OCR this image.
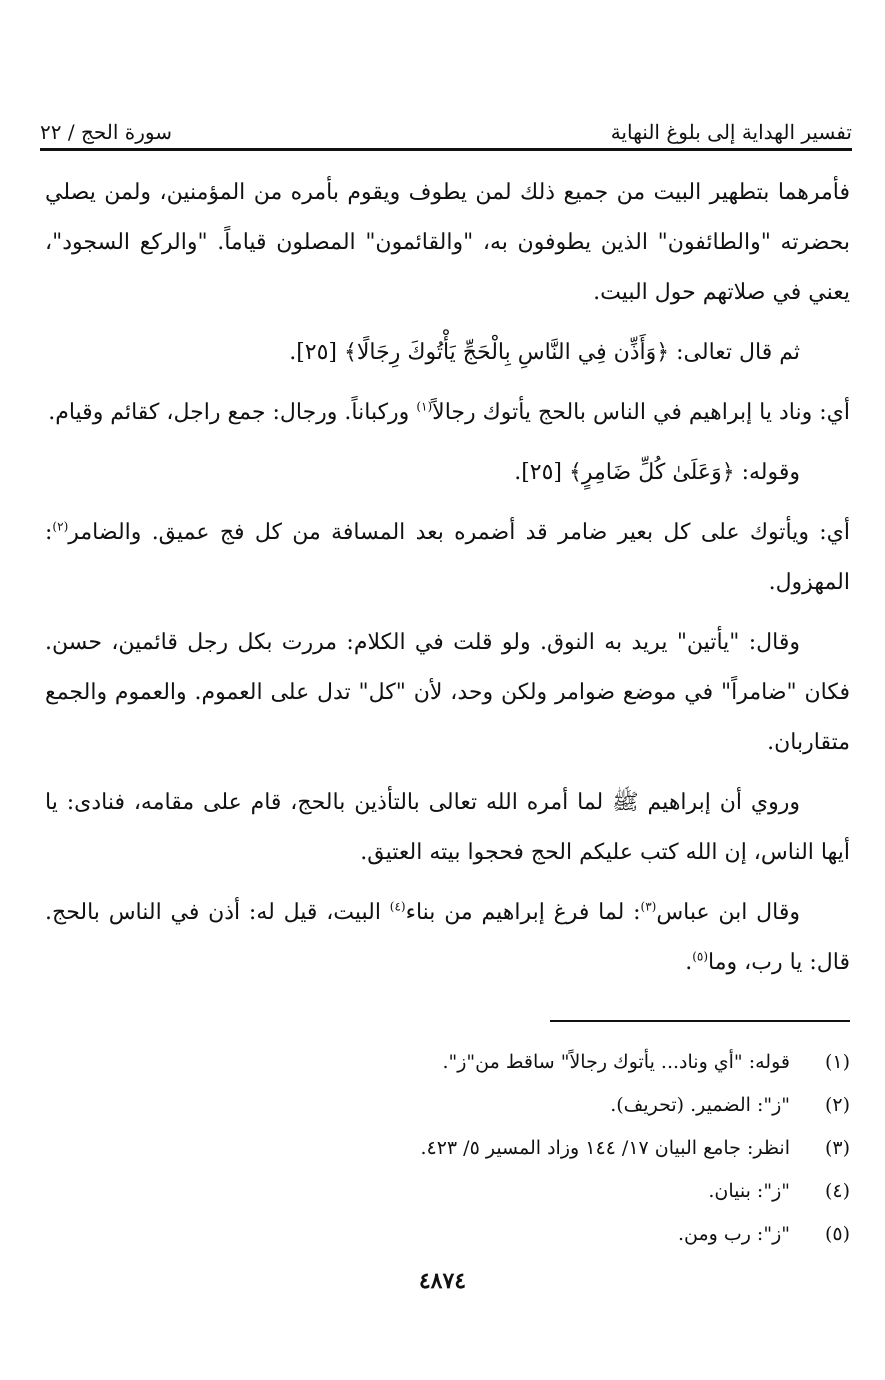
تفسير الهداية إلى بلوغ النهاية
سورة الحج / ٢٢

فأمرهما بتطهير البيت من جميع ذلك لمن يطوف ويقوم بأمره من المؤمنين، ولمن يصلي بحضرته "والطائفون" الذين يطوفون به، "والقائمون" المصلون قياماً. "والركع السجود"، يعني في صلاتهم حول البيت.

ثم قال تعالى: ﴿وَأَذِّن فِي النَّاسِ بِالْحَجِّ يَأْتُوكَ رِجَالًا﴾ [٢٥].

أي: وناد يا إبراهيم في الناس بالحج يأتوك رجالاً$^{(١)}$ وركباناً. ورجال: جمع راجل، كقائم وقيام.

وقوله: ﴿وَعَلَىٰ كُلِّ ضَامِرٍ﴾ [٢٥].

أي: ويأتوك على كل بعير ضامر قد أضمره بعد المسافة من كل فج عميق. والضامر$^{(٢)}$: المهزول.

وقال: "يأتين" يريد به النوق. ولو قلت في الكلام: مررت بكل رجل قائمين، حسن. فكان "ضامراً" في موضع ضوامر ولكن وحد، لأن "كل" تدل على العموم. والعموم والجمع متقاربان.

وروي أن إبراهيم ﷺ لما أمره الله تعالى بالتأذين بالحج، قام على مقامه، فنادى: يا أيها الناس، إن الله كتب عليكم الحج فحجوا بيته العتيق.

وقال ابن عباس$^{(٣)}$: لما فرغ إبراهيم من بناء$^{(٤)}$ البيت، قيل له: أذن في الناس بالحج. قال: يا رب، وما$^{(٥)}$.

(١)
قوله: "أي وناد... يأتوك رجالاً" ساقط من"ز".
(٢)
"ز": الضمير. (تحريف).
(٣)
انظر: جامع البيان ١٧/ ١٤٤ وزاد المسير ٥/ ٤٢٣.
(٤)
"ز": بنيان.
(٥)
"ز": رب ومن.
٤٨٧٤
